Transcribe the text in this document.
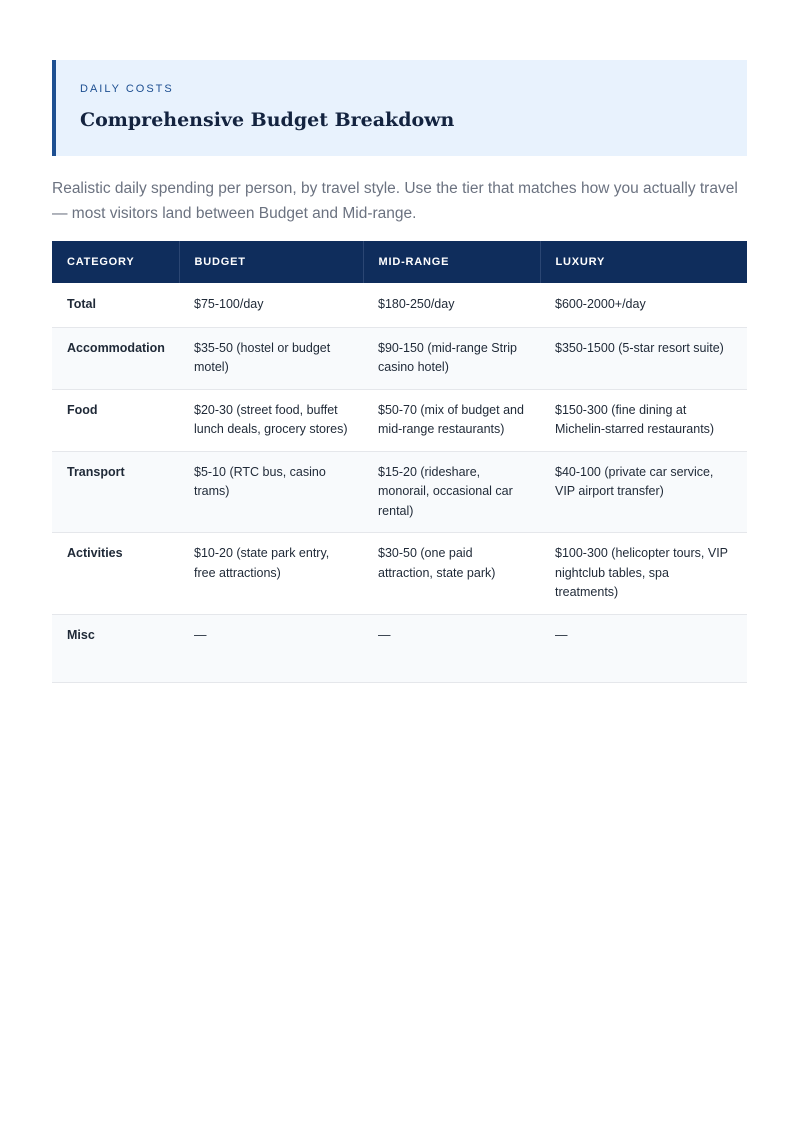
DAILY COSTS
Comprehensive Budget Breakdown

Realistic daily spending per person, by travel style. Use the tier that matches how you actually travel — most visitors land between Budget and Mid-range.

CATEGORY	BUDGET	MID-RANGE	LUXURY
Total	$75-100/day	$180-250/day	$600-2000+/day
Accommodation	$35-50 (hostel or budget motel)	$90-150 (mid-range Strip casino hotel)	$350-1500 (5-star resort suite)
Food	$20-30 (street food, buffet lunch deals, grocery stores)	$50-70 (mix of budget and mid-range restaurants)	$150-300 (fine dining at Michelin-starred restaurants)
Transport	$5-10 (RTC bus, casino trams)	$15-20 (rideshare, monorail, occasional car rental)	$40-100 (private car service, VIP airport transfer)
Activities	$10-20 (state park entry, free attractions)	$30-50 (one paid attraction, state park)	$100-300 (helicopter tours, VIP nightclub tables, spa treatments)
Misc	—	—	—
